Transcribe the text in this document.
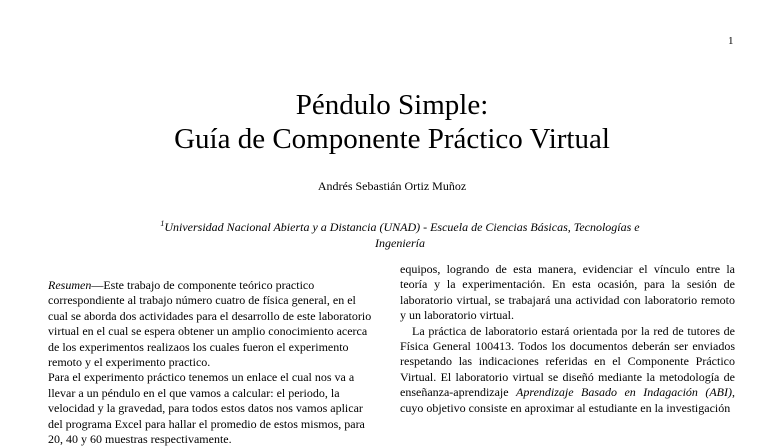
1
Péndulo Simple:
Guía de Componente Práctico Virtual
Andrés Sebastián Ortiz Muñoz
$^1$Universidad Nacional Abierta y a Distancia (UNAD) - Escuela de Ciencias Básicas, Tecnologías e Ingeniería

Resumen—Este trabajo de componente teórico practico correspondiente al trabajo número cuatro de física general, en el cual se aborda dos actividades para el desarrollo de este laboratorio virtual en el cual se espera obtener un amplio conocimiento acerca de los experimentos realizaos los cuales fueron el experimento remoto y el experimento practico.

Para el experimento práctico tenemos un enlace el cual nos va a llevar a un péndulo en el que vamos a calcular: el periodo, la velocidad y la gravedad, para todos estos datos nos vamos aplicar del programa Excel para hallar el promedio de estos mismos, para 20, 40 y 60 muestras respectivamente.

equipos, logrando de esta manera, evidenciar el vínculo entre la teoría y la experimentación. En esta ocasión, para la sesión de laboratorio virtual, se trabajará una actividad con laboratorio remoto y un laboratorio virtual.

La práctica de laboratorio estará orientada por la red de tutores de Física General 100413. Todos los documentos deberán ser enviados respetando las indicaciones referidas en el Componente Práctico Virtual. El laboratorio virtual se diseñó mediante la metodología de enseñanza-aprendizaje Aprendizaje Basado en Indagación (ABI), cuyo objetivo consiste en aproximar al estudiante en la investigación
